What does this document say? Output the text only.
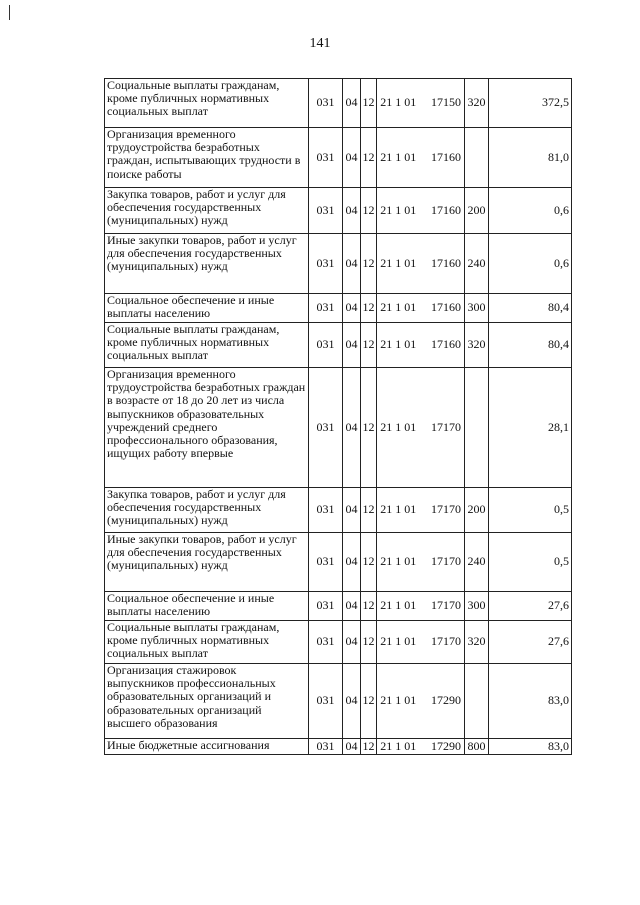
141
Социальные выплаты гражданам, кроме публичных нормативных социальных выплат	031	04	12	21 1 01	17150	320	372,5
Организация временного трудоустройства безработных граждан, испытывающих трудности в поиске работы	031	04	12	21 1 01	17160		81,0
Закупка товаров, работ и услуг для обеспечения государственных (муниципальных) нужд	031	04	12	21 1 01	17160	200	0,6
Иные закупки товаров, работ и услуг для обеспечения государственных (муниципальных) нужд	031	04	12	21 1 01	17160	240	0,6
Социальное обеспечение и иные выплаты населению	031	04	12	21 1 01	17160	300	80,4
Социальные выплаты гражданам, кроме публичных нормативных социальных выплат	031	04	12	21 1 01	17160	320	80,4
Организация временного трудоустройства безработных граждан в возрасте от 18 до 20 лет из числа выпускников образовательных учреждений среднего профессионального образования, ищущих работу впервые	031	04	12	21 1 01	17170		28,1
Закупка товаров, работ и услуг для обеспечения государственных (муниципальных) нужд	031	04	12	21 1 01	17170	200	0,5
Иные закупки товаров, работ и услуг для обеспечения государственных (муниципальных) нужд	031	04	12	21 1 01	17170	240	0,5
Социальное обеспечение и иные выплаты населению	031	04	12	21 1 01	17170	300	27,6
Социальные выплаты гражданам, кроме публичных нормативных социальных выплат	031	04	12	21 1 01	17170	320	27,6
Организация стажировок выпускников профессиональных образовательных организаций и образовательных организаций высшего образования	031	04	12	21 1 01	17290		83,0
Иные бюджетные ассигнования	031	04	12	21 1 01	17290	800	83,0
